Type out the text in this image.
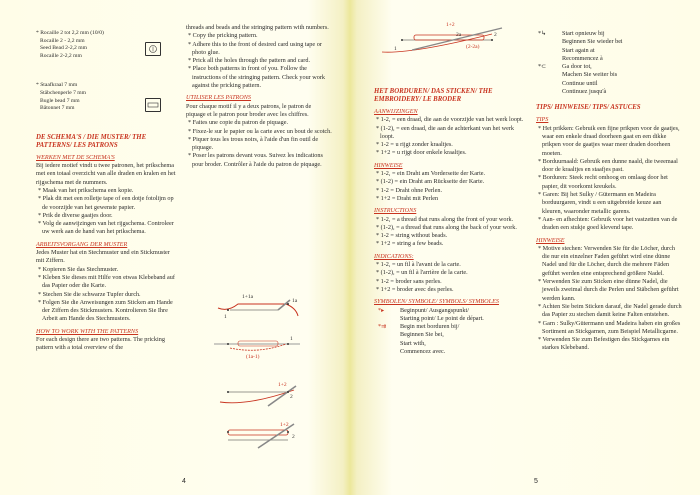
* Rocaille 2 tot 2,2 mm (10/0)

Rocaille 2 - 2,2 mm

Seed Bead 2-2,2 mm

Rocaille 2-2,2 mm

* Staafkraal 7 mm

Stäbchenperle 7 mm

Bugle bead 7 mm

Bâtonnet 7 mm

DE SCHEMA'S / DIE MUSTER/ THE PATTERNS/ LES PATRONS

WERKEN MET DE SCHEMA'S

Bij iedere motief vindt u twee patronen, het prikschema met een totaal overzicht van alle draden en kralen en het rijgschema met de nummers.

* Maak van het prikschema een kopie.
* Plak dit met een rolletje tape of een dotje fotolijm op de voorzijde van het gewenste papier.
* Prik de diverse gaatjes door.
* Volg de aanwijzingen van het rijgschema. Controleer uw werk aan de hand van het prikschema.

ARBEITSVORGANG DER MUSTER

Jedes Muster hat ein Stechmuster und ein Stickmuster mit Ziffern.

* Kopieren Sie das Stechmuster.
* Kleben Sie dieses mit Hilfe von etwas Klebeband auf das Papier oder die Karte.
* Stechen Sie die schwarze Tupfer durch.
* Folgen Sie die Anweisungen zum Sticken am Hande der Ziffern des Stickmusters. Kontrolieren Sie Ihre Arbeit am Hande des Stechmusters.

HOW TO WORK WITH THE PATTERNS

For each design there are two patterns. The pricking pattern with a total overview of the

threads and beads and the stringing pattern with numbers.

* Copy the pricking pattern.
* Adhere this to the front of desired card using tape or photo glue.
* Prick all the holes through the pattern and card.
* Place both patterns in front of you. Follow the instructions of the stringing pattern. Check your work against the pricking pattern.

UTILISER LES PATRONS

Pour chaque motif il y a deux patrons, le patron de piquage et le patron pour broder avec les chiffres.

* Faites une copie du patron de piquage.
* Fixez-le sur le papier ou la carte avec un bout de scotch.
* Piquer tous les trous noirs, à l'aide d'un fin outil de piquage.
* Poser les patrons devant vous. Suivez les indications pour broder. Contrôler à l'aide du patron de piquage.
1+1a
1a
1
(1a-1)
1
1+2
2
1+2
2
4
1+2
2
2a
1	(2-2a)

HET BORDUREN/ DAS STICKEN/ THE EMBROIDERY/ LE BRODER

AANWIJZINGEN

* 1-2, = een draad, die aan de voorzijde van het werk loopt.
* (1-2), = een draad, die aan de achterkant van het werk loopt.
* 1-2 = u rijgt zonder kraaltjes.
* 1+2 = u rijgt door enkele kraaltjes.

HINWEISE

* 1-2, = ein Draht am Vorderseite der Karte.
* (1-2) = ein Draht am Rückseite der Karte.
* 1-2 = Draht ohne Perlen.
* 1+2 = Draht mit Perlen

INSTRUCTIONS

* 1-2, = a thread that runs along the front of your work.
* (1-2), = a thread that runs along the back of your work.
* 1-2 = string without beads.
* 1+2 = string a few beads.

INDICATIONS:

* 1-2, = un fil à l'avant de la carte.
* (1-2), = un fil à l'arrière de la carte.
* 1-2 = broder sans perles.
* 1+2 = broder avec des perles.

SYMBOLEN/ SYMBOLE/ SYMBOLS/ SYMBOLES

*▸	Beginpunt/ Ausgangspunkt/

Starting point/ Le point de départ.

*⇉ Begin met borduren bij/

Beginnen Sie bei,

Start with,

Commencez avec.

*↳	Start opnieuw bij

Beginnen Sie wieder bei

Start again at

Recommencez à

*⊂	Ga door tot,

Machen Sie weiter bis

Continue until

Continuez jusqu'à

TIPS/ HINWEISE/ TIPS/ ASTUCES

TIPS

* Het prikken: Gebruik een fijne prikpen voor de gaatjes, waar een enkele draad doorheen gaat en een dikke prikpen voor de gaatjes waar meer draden doorheen moeten.
* Borduurnaald: Gebruik een dunne naald, die tweemaal door de kraaltjes en staafjes past.
* Borduren: Steek recht omhoog en omlaag door het papier, dit voorkomt kreukels.
* Garen: Bij het Sulky / Gütermann en Madeira borduurgaren, vindt u een uitgebreide keuze aan kleuren, waaronder metallic garens.
* Aan- en afhechten: Gebruik voor het vastzetten van de draden een stukje goed klevend tape.

HINWEISE

* Motive stechen: Verwenden Sie für die Löcher, durch die nur ein einzelner Faden geführt wird eine dünne Nadel und für die Löcher, durch die mehrere Fäden geführt werden eine entsprechend größere Nadel.
* Verwenden Sie zum Sticken eine dünne Nadel, die jeweils zweimal durch die Perlen und Stäbchen geführt werden kann.
* Achten Sie beim Sticken darauf, die Nadel gerade durch das Papier zu stechen damit keine Falten entstehen.
* Garn : Sulky/Gütermann und Madeira haben ein großes Sortiment an Stickgarnen, zum Beispiel Metallicgarne.
* Verwenden Sie zum Befestigen des Stickgarnes ein starkes Klebeband.
5
